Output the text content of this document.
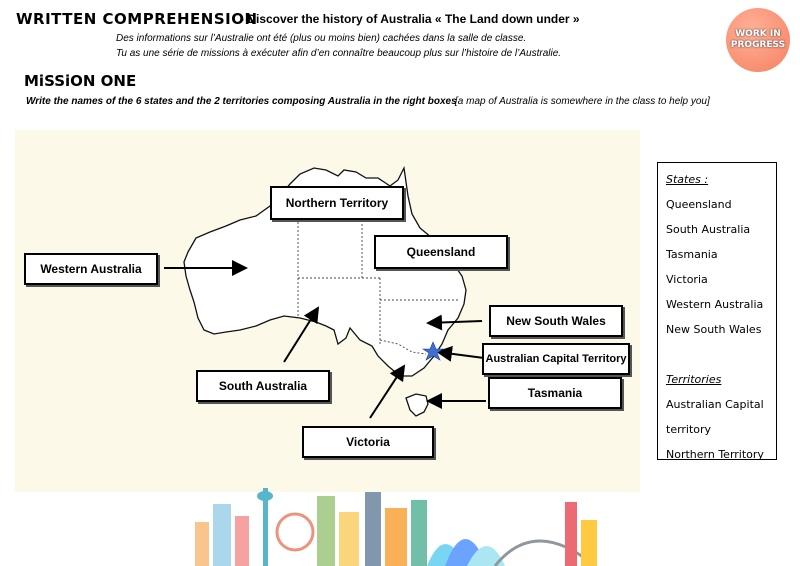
WRITTEN COMPREHENSION
- Discover the history of Australia « The Land down under »
Des informations sur l’Australie ont été (plus ou moins bien) cachées dans la salle de classe.
Tu as une série de missions à exécuter afin d’en connaître beaucoup plus sur l’histoire de l’Australie.
WORK IN
PROGRESS
MiSSiON ONE
Write the names of the 6 states and the 2 territories composing Australia in the right boxes
[a map of Australia is somewhere in the class to help you]
Northern Territory
Queensland
Western Australia
New South Wales
Australian Capital Territory
South Australia	Tasmania
Victoria
States :
Queensland
South Australia
Tasmania
Victoria
Western Australia
New South Wales
Territories
Australian Capital
territory
Northern Territory
